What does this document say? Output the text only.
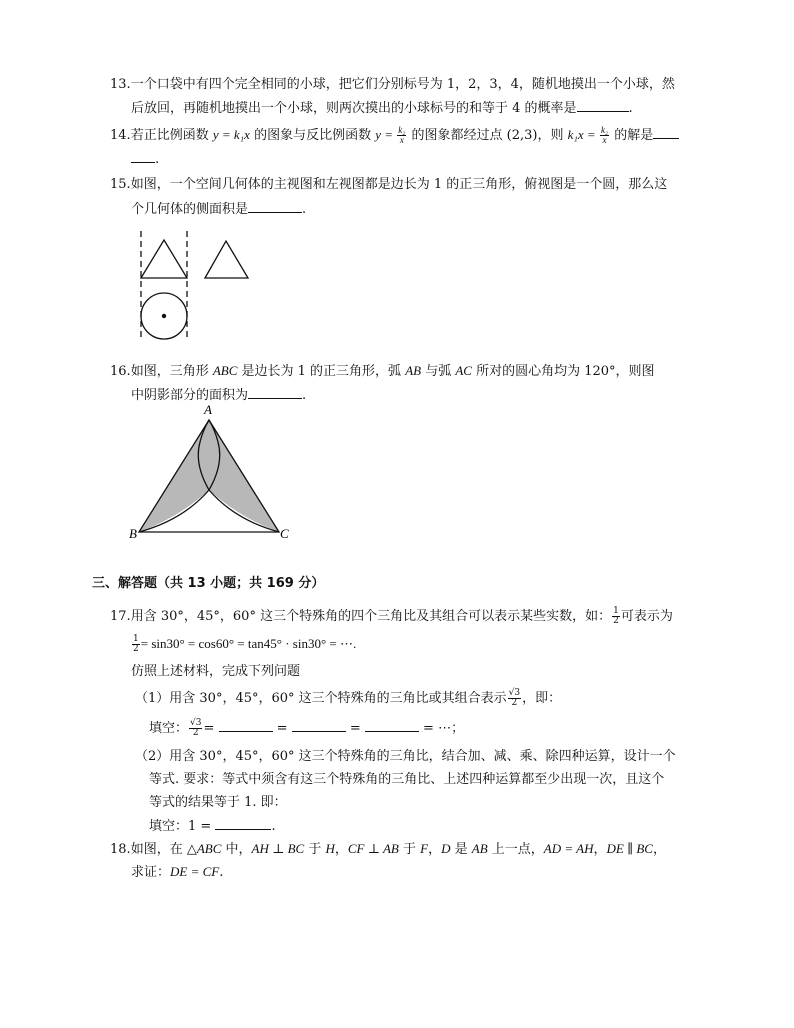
13.一个口袋中有四个完全相同的小球，把它们分别标号为 1，2，3，4，随机地摸出一个小球，然
后放回，再随机地摸出一个小球，则两次摸出的小球标号的和等于 4 的概率是	.
14.若正比例函数 y = k₁x 的图象与反比例函数 $y = \frac{\text{k₂}}{x}$ 的图象都经过点 (2,3)，则 $k_1x = \frac{\text{k₂}}{x}$ 的解是
.
15.如图，一个空间几何体的主视图和左视图都是边长为 1 的正三角形，俯视图是一个圆，那么这
个几何体的侧面积是	.
16.如图，三角形 ABC 是边长为 1 的正三角形，弧 AB 与弧 AC 所对的圆心角均为 120°，则图
中阴影部分的面积为	.
A
B	C
三、解答题（共 13 小题；共 169 分）
17.用含 30°，45°，60° 这三个特殊角的四个三角比及其组合可以表示某些实数，如： $\frac{1}{2}$ 可表示为
$\frac{1}{2} = \sin 30^\circ = \cos 60^\circ = \tan 45^\circ \cdot \sin 30^\circ$ = ⋯.
仿照上述材料，完成下列问题
（1）用含 30°，45°，60° 这三个特殊角的三角比或其组合表示 $\frac{√3}{2}$ ，即：
填空： $\frac{√3}{2}$ =	=	=	= ⋯；
（2）用含 30°，45°，60° 这三个特殊角的三角比，结合加、减、乘、除四种运算，设计一个
等式. 要求：等式中须含有这三个特殊角的三角比、上述四种运算都至少出现一次，且这个
等式的结果等于 1. 即：
填空：1 =	.
18.如图，在 △ABC 中，AH ⊥ BC 于 H，CF ⊥ AB 于 F，D 是 AB 上一点，AD = AH，DE ∥ BC，
求证：DE = CF.
